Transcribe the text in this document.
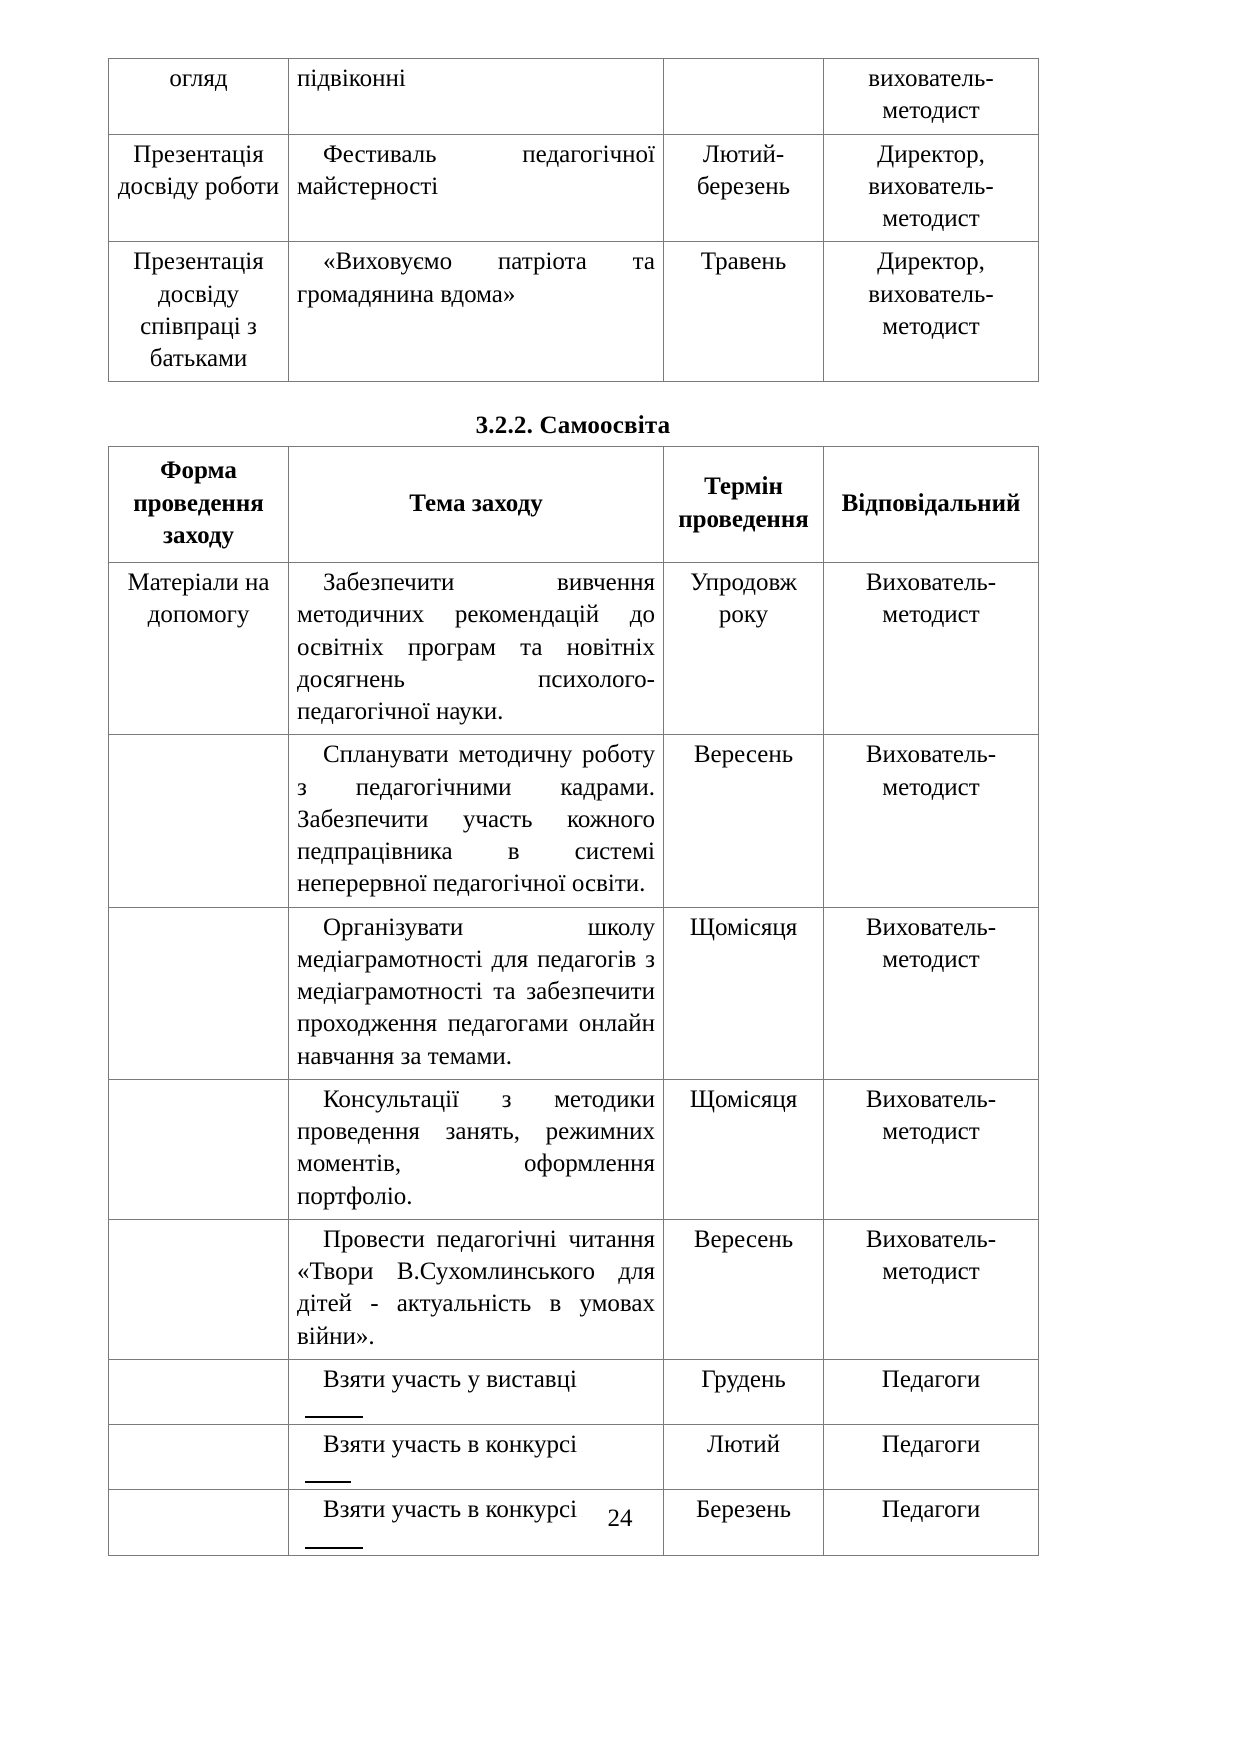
огляд	підвіконні		вихователь-методист
Презентація досвіду роботи	Фестиваль педагогічної майстерності	Лютий-березень	Директор, вихователь-методист
Презентація досвіду співпраці з батьками	«Виховуємо патріота та громадянина вдома»	Травень	Директор, вихователь-методист
3.2.2. Самоосвіта
Форма проведення заходу	Тема заходу	Термін проведення	Відповідальний
Матеріали на допомогу	Забезпечити вивчення методичних рекомендацій до освітніх програм та новітніх досягнень психолого-педагогічної науки.	Упродовж року	Вихователь-методист
	Спланувати методичну роботу з педагогічними кадрами. Забезпечити участь кожного педпрацівника в системі неперервної педагогічної освіти.	Вересень	Вихователь-методист
	Організувати школу медіаграмотності для педагогів з медіаграмотності та забезпечити проходження педагогами онлайн навчання за темами.	Щомісяця	Вихователь-методист
	Консультації з методики проведення занять, режимних моментів, оформлення портфоліо.	Щомісяця	Вихователь-методист
	Провести педагогічні читання «Твори В.Сухомлинського для дітей - актуальність в умовах війни».	Вересень	Вихователь-методист

	Взяти участь у виставці	Грудень	Педагоги

	Взяти участь в конкурсі	Лютий	Педагоги

	Взяти участь в конкурсі	Березень	Педагоги
24
